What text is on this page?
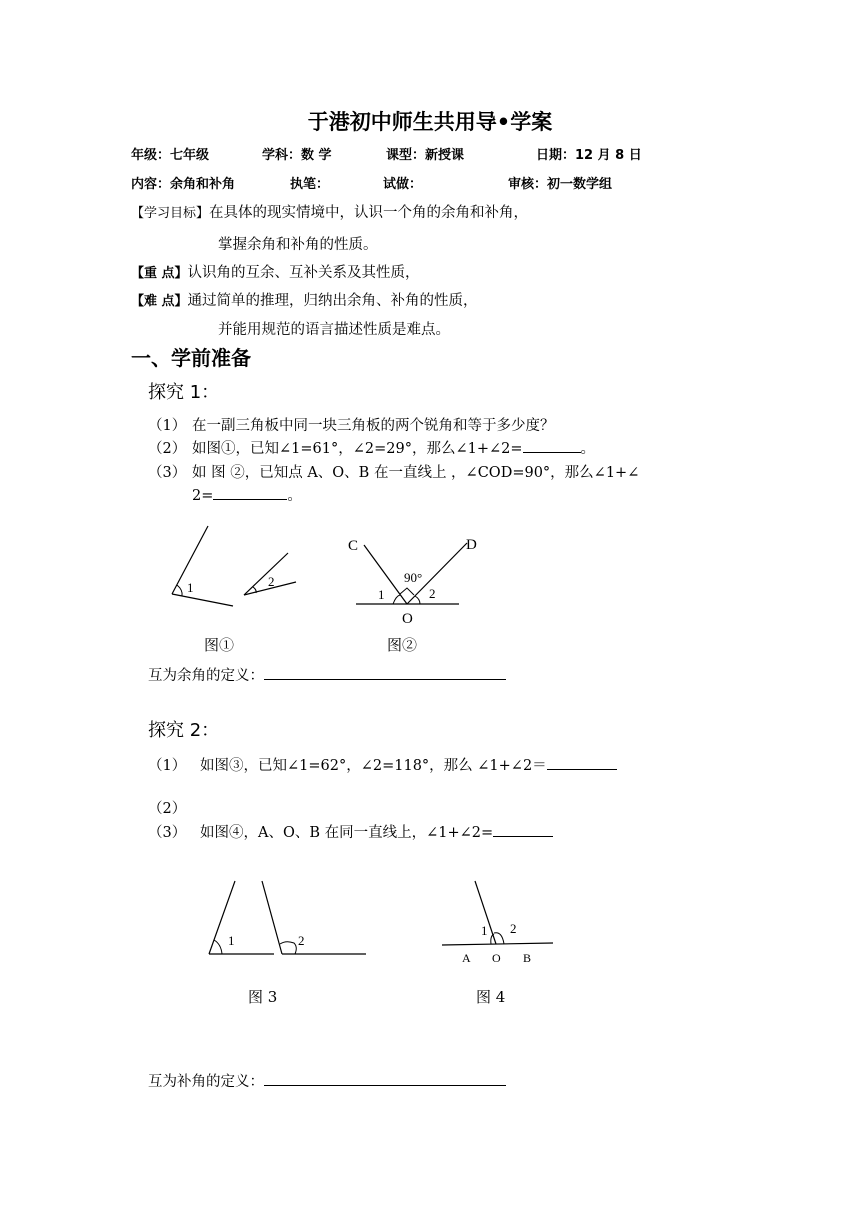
于港初中师生共用导•学案
年级：七年级	学科：数 学	课型：新授课	日期：12 月 8 日
内容：余角和补角	执笔：	试做：	审核：初一数学组
【学习目标】在具体的现实情境中，认识一个角的余角和补角，
掌握余角和补角的性质。
【重 点】认识角的互余、互补关系及其性质，
【难 点】通过简单的推理，归纳出余角、补角的性质，
并能用规范的语言描述性质是难点。
一、学前准备
探究 1：
（1） 在一副三角板中同一块三角板的两个锐角和等于多少度？
（2） 如图①，已知∠1=61°，∠2=29°，那么∠1+∠2=	。
（3） 如 图 ②，已知点 A、O、B 在一直线上 ，∠COD=90°，那么∠1+∠
2=	。
1	2
图①
C	D
O
90°
1	2
图②
互为余角的定义：
探究 2：
（1） 如图③，已知∠1=62°，∠2=118°，那么 ∠1+∠2＝
（2）
（3） 如图④，A、O、B 在同一直线上，∠1+∠2=
1	2
图 3
1 2
A O B
图 4
互为补角的定义：
